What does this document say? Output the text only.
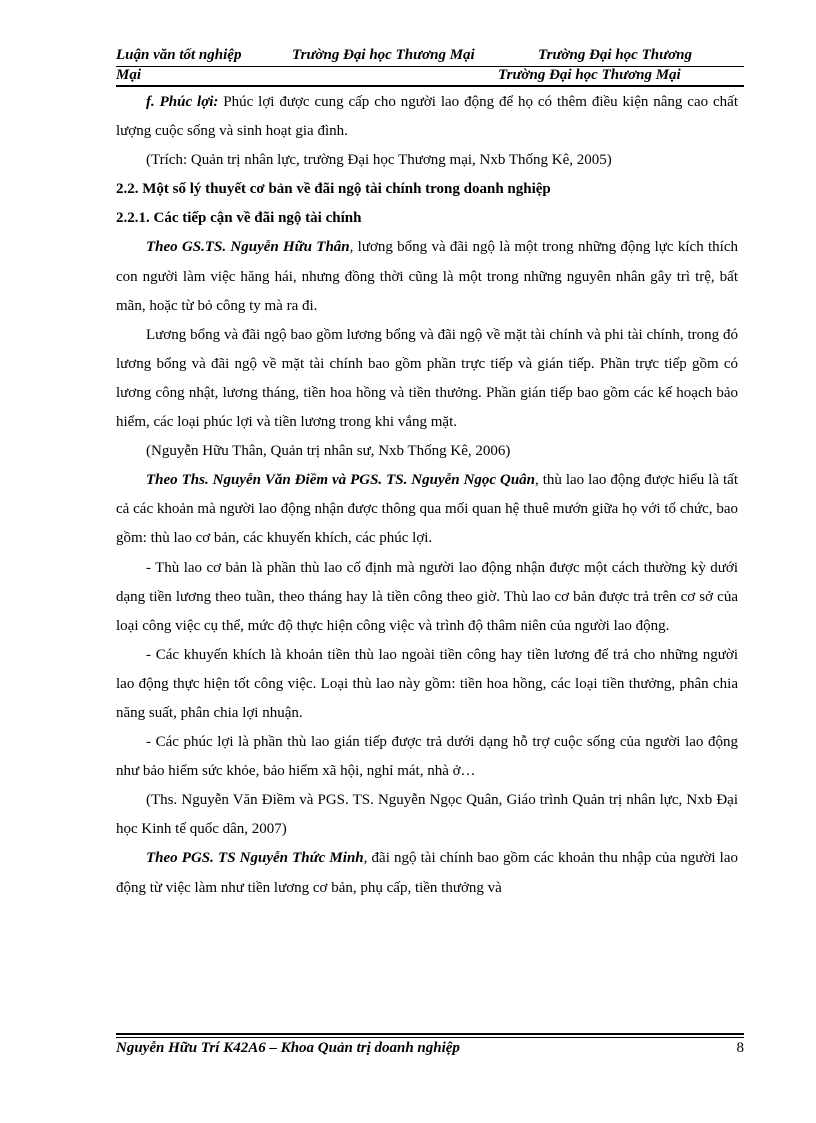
Luận văn tốt nghiệp	Trường Đại học Thương Mại	Trường Đại học Thương
Mại	Trường Đại học Thương Mại

f. Phúc lợi: Phúc lợi được cung cấp cho người lao động để họ có thêm điều kiện nâng cao chất lượng cuộc sống và sinh hoạt gia đình.

(Trích: Quản trị nhân lực, trường Đại học Thương mại, Nxb Thống Kê, 2005)

2.2. Một số lý thuyết cơ bản về đãi ngộ tài chính trong doanh nghiệp

2.2.1. Các tiếp cận về đãi ngộ tài chính

Theo GS.TS. Nguyễn Hữu Thân, lương bổng và đãi ngộ là một trong những động lực kích thích con người làm việc hăng hái, nhưng đồng thời cũng là một trong những nguyên nhân gây trì trệ, bất mãn, hoặc từ bỏ công ty mà ra đi.

Lương bổng và đãi ngộ bao gồm lương bổng và đãi ngộ về mặt tài chính và phi tài chính, trong đó lương bổng và đãi ngộ về mặt tài chính bao gồm phần trực tiếp và gián tiếp. Phần trực tiếp gồm có lương công nhật, lương tháng, tiền hoa hồng và tiền thưởng. Phần gián tiếp bao gồm các kế hoạch bảo hiểm, các loại phúc lợi và tiền lương trong khi vắng mặt.

(Nguyễn Hữu Thân, Quản trị nhân sư, Nxb Thống Kê, 2006)

Theo Ths. Nguyễn Văn Điềm và PGS. TS. Nguyễn Ngọc Quân, thù lao lao động được hiểu là tất cả các khoản mà người lao động nhận được thông qua mối quan hệ thuê mướn giữa họ với tổ chức, bao gồm: thù lao cơ bản, các khuyến khích, các phúc lợi.

- Thù lao cơ bản là phần thù lao cố định mà người lao động nhận được một cách thường kỳ dưới dạng tiền lương theo tuần, theo tháng hay là tiền công theo giờ. Thù lao cơ bản được trả trên cơ sở của loại công việc cụ thể, mức độ thực hiện công việc và trình độ thâm niên của người lao động.

- Các khuyến khích là khoản tiền thù lao ngoài tiền công hay tiền lương để trả cho những người lao động thực hiện tốt công việc. Loại thù lao này gồm: tiền hoa hồng, các loại tiền thưởng, phân chia năng suất, phân chia lợi nhuận.

- Các phúc lợi là phần thù lao gián tiếp được trả dưới dạng hỗ trợ cuộc sống của người lao động như bảo hiểm sức khỏe, bảo hiểm xã hội, nghỉ mát, nhà ở…

(Ths. Nguyễn Văn Điềm và PGS. TS. Nguyễn Ngọc Quân, Giáo trình Quản trị nhân lực, Nxb Đại học Kinh tế quốc dân, 2007)

Theo PGS. TS Nguyễn Thức Minh, đãi ngộ tài chính bao gồm các khoản thu nhập của người lao động từ việc làm như tiền lương cơ bản, phụ cấp, tiền thưởng và

Nguyễn Hữu Trí K42A6 – Khoa Quản trị doanh nghiệp	8
